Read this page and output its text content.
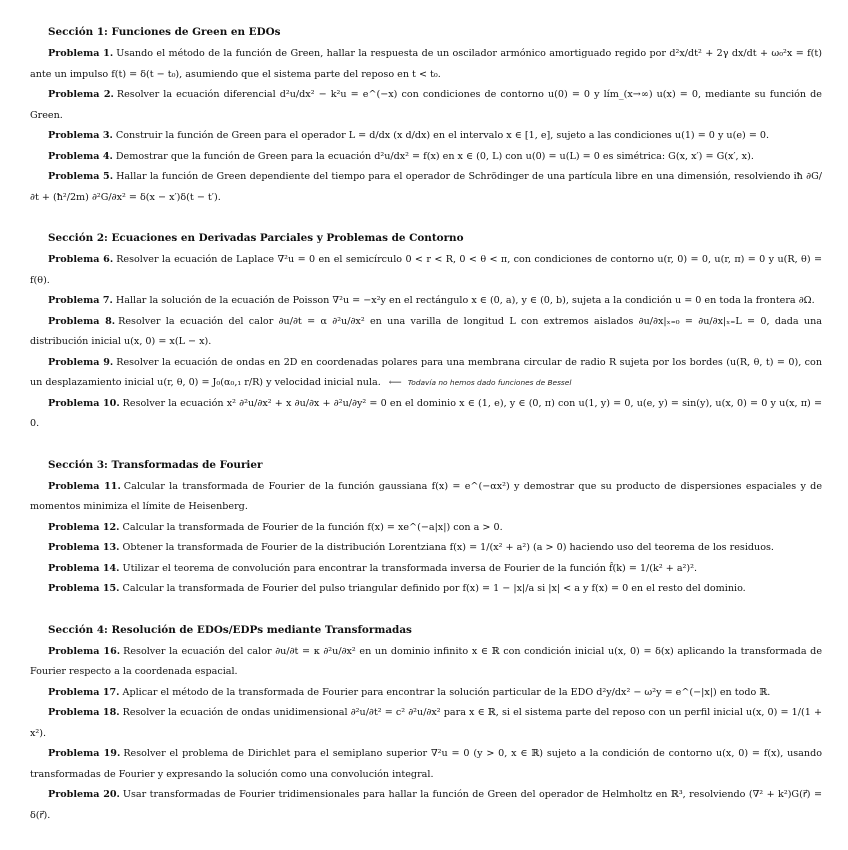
Sección 1: Funciones de Green en EDOs

Problema 1. Usando el método de la función de Green, hallar la respuesta de un oscilador armónico amortiguado regido por d²x/dt² + 2γ dx/dt + ω₀²x = f(t) ante un impulso f(t) = δ(t − t₀), asumiendo que el sistema parte del reposo en t < t₀.

Problema 2. Resolver la ecuación diferencial d²u/dx² − k²u = e^(−x) con condiciones de contorno u(0) = 0 y lím_(x→∞) u(x) = 0, mediante su función de Green.

Problema 3. Construir la función de Green para el operador L = d/dx (x d/dx) en el intervalo x ∈ [1, e], sujeto a las condiciones u(1) = 0 y u(e) = 0.

Problema 4. Demostrar que la función de Green para la ecuación d²u/dx² = f(x) en x ∈ (0, L) con u(0) = u(L) = 0 es simétrica: G(x, x′) = G(x′, x).

Problema 5. Hallar la función de Green dependiente del tiempo para el operador de Schrödinger de una partícula libre en una dimensión, resolviendo iħ ∂G/∂t + (ħ²/2m) ∂²G/∂x² = δ(x − x′)δ(t − t′).

Sección 2: Ecuaciones en Derivadas Parciales y Problemas de Contorno

Problema 6. Resolver la ecuación de Laplace ∇²u = 0 en el semicírculo 0 < r < R, 0 < θ < π, con condiciones de contorno u(r, 0) = 0, u(r, π) = 0 y u(R, θ) = f(θ).

Problema 7. Hallar la solución de la ecuación de Poisson ∇²u = −x²y en el rectángulo x ∈ (0, a), y ∈ (0, b), sujeta a la condición u = 0 en toda la frontera ∂Ω.

Problema 8. Resolver la ecuación del calor ∂u/∂t = α ∂²u/∂x² en una varilla de longitud L con extremos aislados ∂u/∂x|ₓ₌₀ = ∂u/∂x|ₓ₌L = 0, dada una distribución inicial u(x, 0) = x(L − x).

Problema 9. Resolver la ecuación de ondas en 2D en coordenadas polares para una membrana circular de radio R sujeta por los bordes (u(R, θ, t) = 0), con un desplazamiento inicial u(r, θ, 0) = J₀(α₀,₁ r/R) y velocidad inicial nula. ⟵ Todavía no hemos dado funciones de Bessel

Problema 10. Resolver la ecuación x² ∂²u/∂x² + x ∂u/∂x + ∂²u/∂y² = 0 en el dominio x ∈ (1, e), y ∈ (0, π) con u(1, y) = 0, u(e, y) = sin(y), u(x, 0) = 0 y u(x, π) = 0.

Sección 3: Transformadas de Fourier

Problema 11. Calcular la transformada de Fourier de la función gaussiana f(x) = e^(−αx²) y demostrar que su producto de dispersiones espaciales y de momentos minimiza el límite de Heisenberg.

Problema 12. Calcular la transformada de Fourier de la función f(x) = xe^(−a|x|) con a > 0.

Problema 13. Obtener la transformada de Fourier de la distribución Lorentziana f(x) = 1/(x² + a²) (a > 0) haciendo uso del teorema de los residuos.

Problema 14. Utilizar el teorema de convolución para encontrar la transformada inversa de Fourier de la función f̂(k) = 1/(k² + a²)².

Problema 15. Calcular la transformada de Fourier del pulso triangular definido por f(x) = 1 − |x|/a si |x| < a y f(x) = 0 en el resto del dominio.

Sección 4: Resolución de EDOs/EDPs mediante Transformadas

Problema 16. Resolver la ecuación del calor ∂u/∂t = κ ∂²u/∂x² en un dominio infinito x ∈ ℝ con condición inicial u(x, 0) = δ(x) aplicando la transformada de Fourier respecto a la coordenada espacial.

Problema 17. Aplicar el método de la transformada de Fourier para encontrar la solución particular de la EDO d²y/dx² − ω²y = e^(−|x|) en todo ℝ.

Problema 18. Resolver la ecuación de ondas unidimensional ∂²u/∂t² = c² ∂²u/∂x² para x ∈ ℝ, si el sistema parte del reposo con un perfil inicial u(x, 0) = 1/(1 + x²).

Problema 19. Resolver el problema de Dirichlet para el semiplano superior ∇²u = 0 (y > 0, x ∈ ℝ) sujeto a la condición de contorno u(x, 0) = f(x), usando transformadas de Fourier y expresando la solución como una convolución integral.

Problema 20. Usar transformadas de Fourier tridimensionales para hallar la función de Green del operador de Helmholtz en ℝ³, resolviendo (∇² + k²)G(r⃗) = δ(r⃗).
